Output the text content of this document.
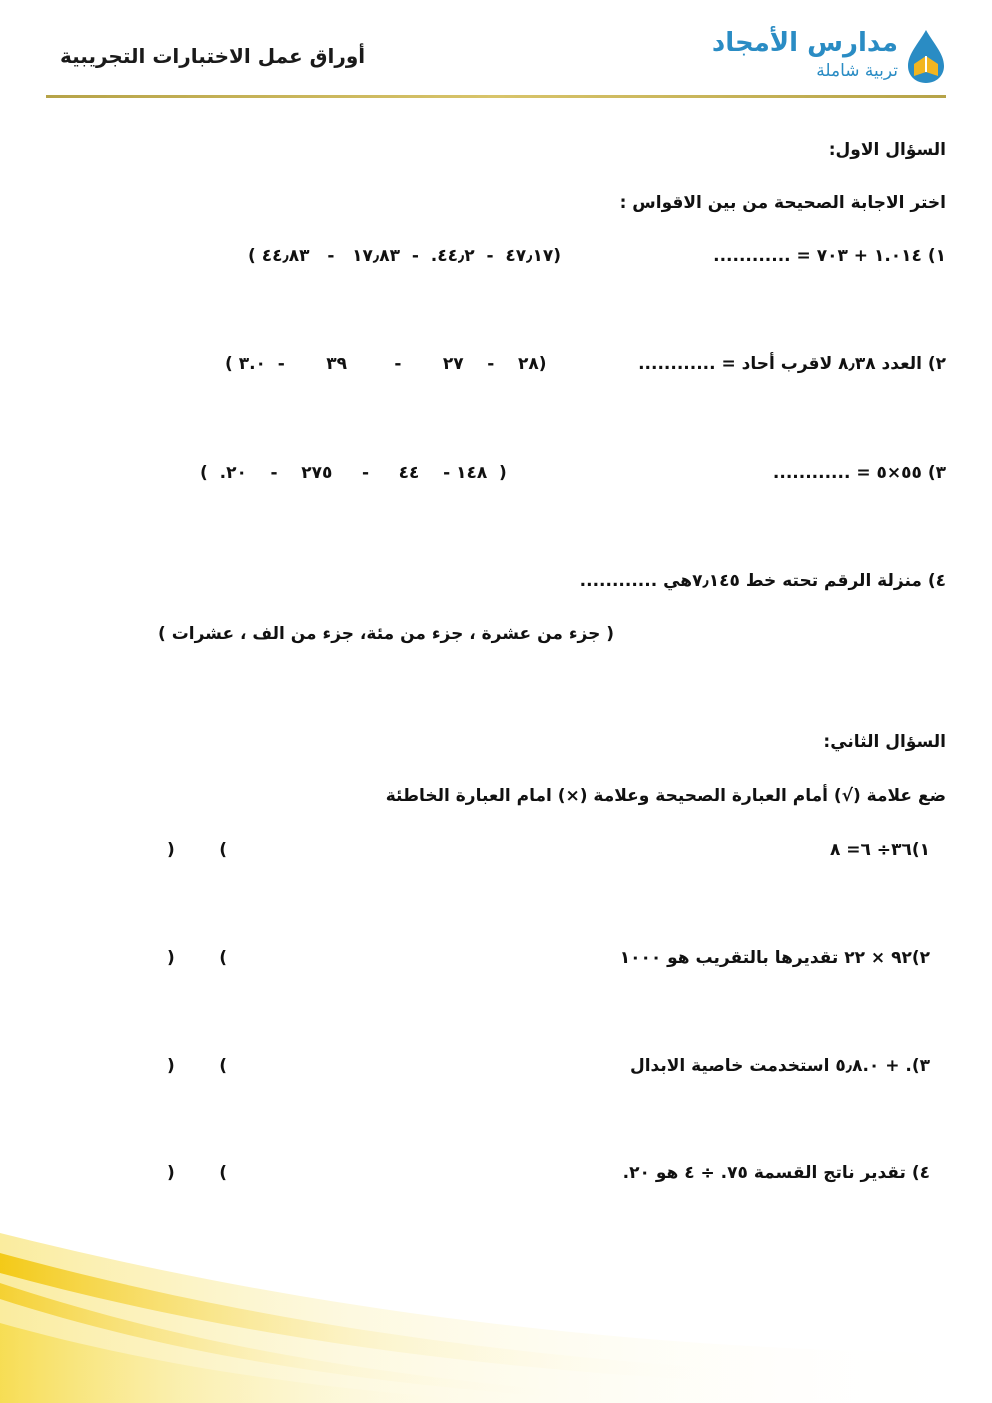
مدارس الأمجاد
تربية شاملة
أوراق عمل الاختبارات التجريبية
السؤال الاول:
اختر الاجابة الصحيحة من بين الاقواس :
١) ١.٠١٤ + ٧٠٣ = ............
(٤٧٫١٧  -  ٤٤٫٢.  -  ١٧٫٨٣   -   ٤٤٫٨٣ )
٢) العدد ٨٫٣٨ لاقرب أحاد = ............
(٢٨    -    ٢٧       -        ٣٩       -  ٣.٠ )
٣) ٥٥×٥ = ............
(  ١٤٨ -    ٤٤     -     ٢٧٥    -    ٢٠.  )
٤) منزلة الرقم تحته خط ٧٫١٤٥هي ............
( جزء من عشرة ، جزء من مئة، جزء من الف ، عشرات )
السؤال الثاني:
ضع علامة (√) أمام العبارة الصحيحة وعلامة (×) امام العبارة الخاطئة
١)٣٦÷ ٦= ٨
)	(
٢)٩٢ × ٢٢ تقديرها بالتقريب هو ١٠٠٠
)	(
٣). + ٥٫٨.٠ استخدمت خاصية الابدال
)	(
٤) تقدير ناتج القسمة ٧٥. ÷ ٤ هو ٢٠.
)	(
